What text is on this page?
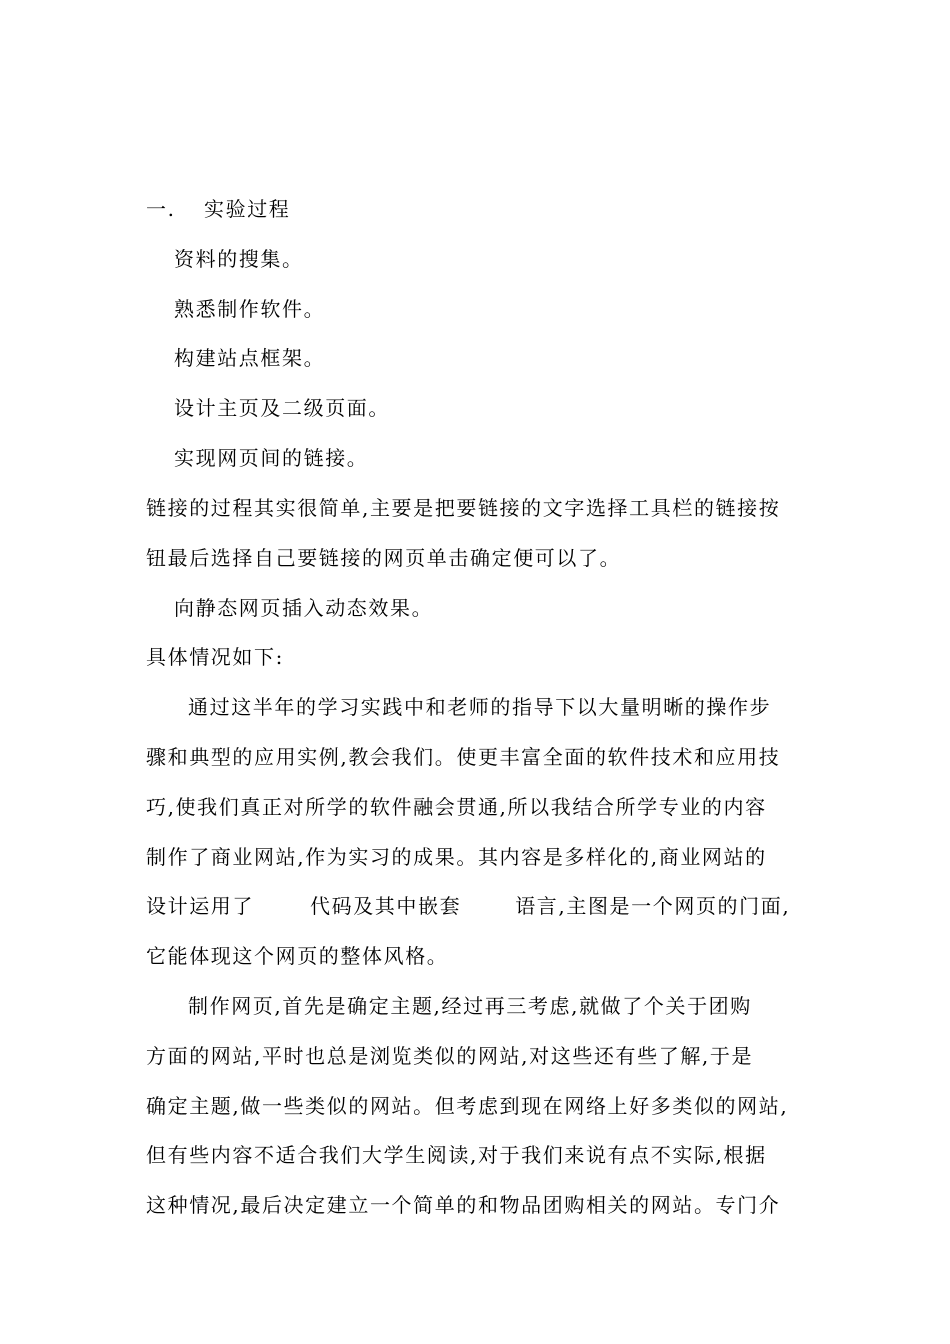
一. 实验过程
资料的搜集。
熟悉制作软件。
构建站点框架。
设计主页及二级页面。
实现网页间的链接。
链接的过程其实很简单,主要是把要链接的文字选择工具栏的链接按
钮最后选择自己要链接的网页单击确定便可以了。
向静态网页插入动态效果。
具体情况如下:
通过这半年的学习实践中和老师的指导下以大量明晰的操作步
骤和典型的应用实例,教会我们。使更丰富全面的软件技术和应用技
巧,使我们真正对所学的软件融会贯通,所以我结合所学专业的内容
制作了商业网站,作为实习的成果。其内容是多样化的,商业网站的
设计运用了	代码及其中嵌套	语言,主图是一个网页的门面,
它能体现这个网页的整体风格。
制作网页,首先是确定主题,经过再三考虑,就做了个关于团购
方面的网站,平时也总是浏览类似的网站,对这些还有些了解,于是
确定主题,做一些类似的网站。但考虑到现在网络上好多类似的网站,
但有些内容不适合我们大学生阅读,对于我们来说有点不实际,根据
这种情况,最后决定建立一个简单的和物品团购相关的网站。专门介
